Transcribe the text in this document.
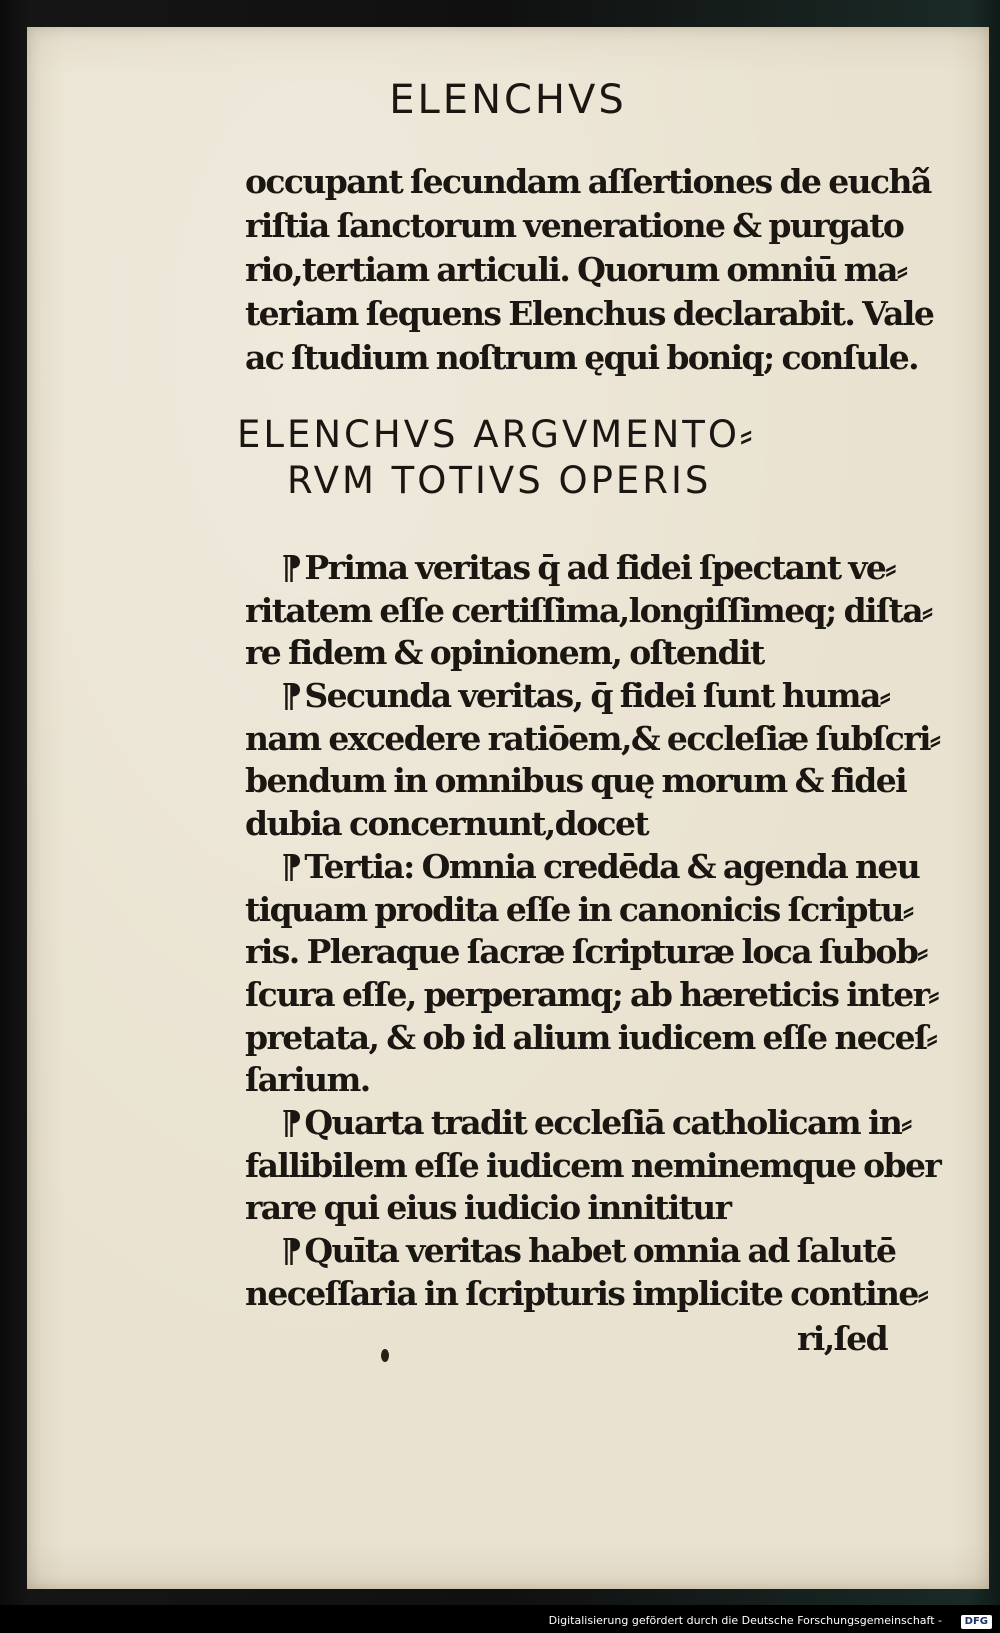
ELENCHVS
occupant ſecundam aſſertiones de eucha᷉
riſtia ſanctorum veneratione & purgato
rio,tertiam articuli. Quorum omniū ma⸗
teriam ſequens Elenchus declarabit. Vale
ac ſtudium noſtrum ęqui boniq; conſule.
ELENCHVS ARGVMENTO⸗
RVM TOTIVS OPERIS
¶Prima veritas q̄ ad fidei ſpectant ve⸗
ritatem eſſe certiſſima,longiſſimeq; diſta⸗
re fidem & opinionem, oſtendit
¶Secunda veritas, q̄ fidei ſunt huma⸗
nam excedere ratiōem,& eccleſiæ ſubſcri⸗
bendum in omnibus quę morum & fidei
dubia concernunt,docet
¶Tertia: Omnia credēda & agenda neu
tiquam prodita eſſe in canonicis ſcriptu⸗
ris. Pleraque ſacræ ſcripturæ loca ſubob⸗
ſcura eſſe, perperamq; ab hæreticis inter⸗
pretata, & ob id alium iudicem eſſe neceſ⸗
ſarium.
¶Quarta tradit eccleſiā catholicam in⸗
fallibilem eſſe iudicem neminemque ober
rare qui eius iudicio innititur
¶Quīta veritas habet omnia ad ſalutē
neceſſaria in ſcripturis implicite contine⸗
ri,ſed
Digitalisierung gefördert durch die Deutsche Forschungsgemeinschaft -	DFG
